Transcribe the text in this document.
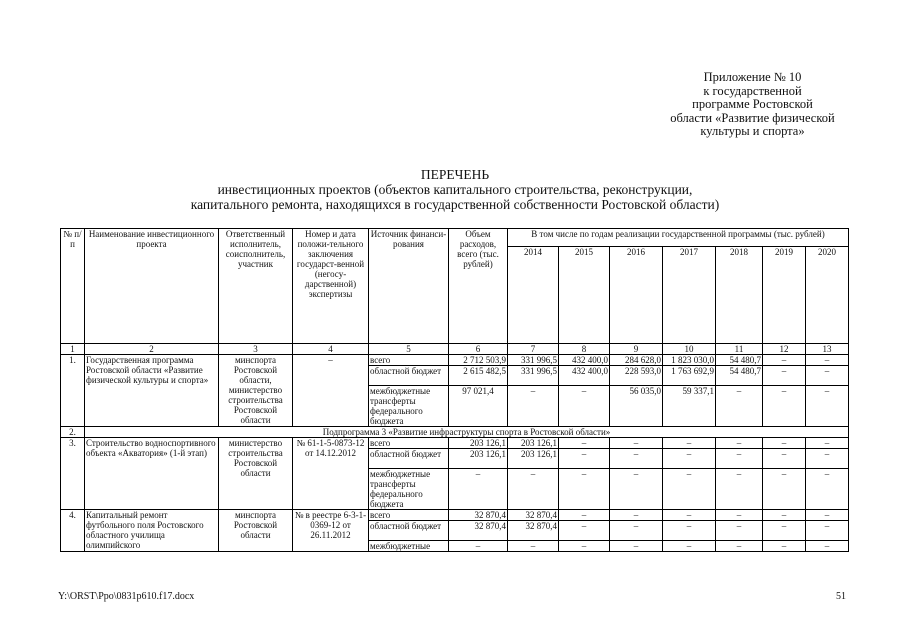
Приложение № 10
к государственной
программе Ростовской
области «Развитие физической
культуры и спорта»
ПЕРЕЧЕНЬ
инвестиционных проектов (объектов капитального строительства, реконструкции,
капитального ремонта, находящихся в государственной собственности Ростовской области)
№ п/п	Наименование инвестиционного проекта	Ответственный исполнитель, соисполнитель, участник	Номер и дата положи-тельного заключения государст-венной (негосу-дарственной) экспертизы	Источник финанси-рования	Объем расходов, всего (тыс. рублей)	В том числе по годам реализации государственной программы (тыс. рублей)						
						2014	2015	2016	2017	2018	2019	2020
1	2	3	4	5	6	7	8	9	10	11	12	13
1.	Государственная программа Ростовской области «Развитие физической культуры и спорта»	минспорта Ростовской области, министерство строительства Ростовской области	–	всего	2 712 503,9	331 996,5	432 400,0	284 628,0	1 823 030,0	54 480,7	–	–
				областной бюджет	2 615 482,5	331 996,5	432 400,0	228 593,0	1 763 692,9	54 480,7	–	–
				межбюджетные трансферты федерального бюджета	97 021,4	–	–	56 035,0	59 337,1	–	–	–
2.	Подпрограмма 3 «Развитие инфраструктуры спорта в Ростовской области»											
3.	Строительство водноспортивного объекта «Акватория» (1-й этап)	министерство строительства Ростовской области	№ 61-1-5-0873-12 от 14.12.2012	всего	203 126,1	203 126,1	–	–	–	–	–	–
				областной бюджет	203 126,1	203 126,1	–	–	–	–	–	–
				межбюджетные трансферты федерального бюджета	–	–	–	–	–	–	–	–
4.	Капитальный ремонт футбольного поля Ростовского областного училища олимпийского	минспорта Ростовской области	№ в реестре 6-3-1-0369-12 от 26.11.2012	всего	32 870,4	32 870,4	–	–	–	–	–	–
				областной бюджет	32 870,4	32 870,4	–	–	–	–	–	–
				межбюджетные	–	–	–	–	–	–	–	–
Y:\ORST\Ppo\0831p610.f17.docx	51
